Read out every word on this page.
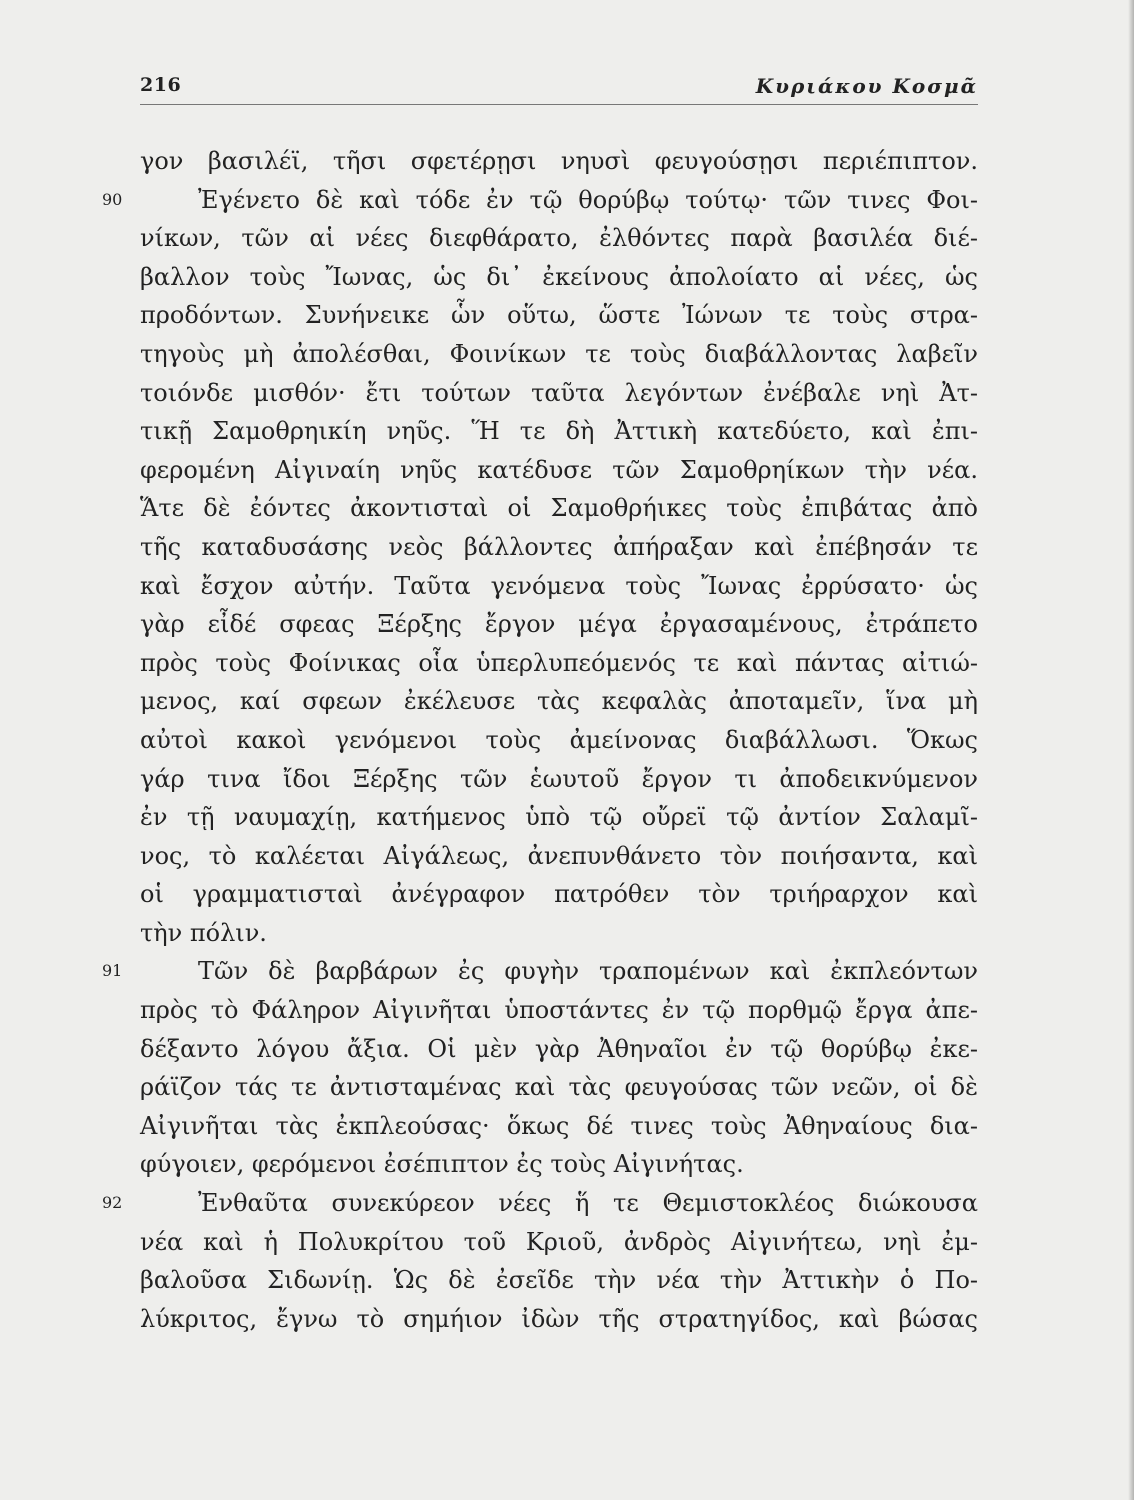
216	Κυριάκου Κοσμᾶ
γον βασιλέϊ, τῆσι σφετέρῃσι νηυσὶ φευγούσῃσι περιέπιπτον.
90	Ἐγένετο δὲ καὶ τόδε ἐν τῷ θορύβῳ τούτῳ· τῶν τινες Φοι-
νίκων, τῶν αἱ νέες διεφθάρατο, ἐλθόντες παρὰ βασιλέα διέ-
βαλλον τοὺς Ἴωνας, ὡς δι᾽ ἐκείνους ἀπολοίατο αἱ νέες, ὡς
προδόντων. Συνήνεικε ὧν οὕτω, ὥστε Ἰώνων τε τοὺς στρα-
τηγοὺς μὴ ἀπολέσθαι, Φοινίκων τε τοὺς διαβάλλοντας λαβεῖν
τοιόνδε μισθόν· ἔτι τούτων ταῦτα λεγόντων ἐνέβαλε νηὶ Ἀτ-
τικῇ Σαμοθρηικίη νηῦς. Ἥ τε δὴ Ἀττικὴ κατεδύετο, καὶ ἐπι-
φερομένη Αἰγιναίη νηῦς κατέδυσε τῶν Σαμοθρηίκων τὴν νέα.
Ἅτε δὲ ἐόντες ἀκοντισταὶ οἱ Σαμοθρήικες τοὺς ἐπιβάτας ἀπὸ
τῆς καταδυσάσης νεὸς βάλλοντες ἀπήραξαν καὶ ἐπέβησάν τε
καὶ ἔσχον αὐτήν. Ταῦτα γενόμενα τοὺς Ἴωνας ἐρρύσατο· ὡς
γὰρ εἶδέ σφεας Ξέρξης ἔργον μέγα ἐργασαμένους, ἐτράπετο
πρὸς τοὺς Φοίνικας οἷα ὑπερλυπεόμενός τε καὶ πάντας αἰτιώ-
μενος, καί σφεων ἐκέλευσε τὰς κεφαλὰς ἀποταμεῖν, ἵνα μὴ
αὐτοὶ κακοὶ γενόμενοι τοὺς ἀμείνονας διαβάλλωσι. Ὅκως
γάρ τινα ἴδοι Ξέρξης τῶν ἑωυτοῦ ἔργον τι ἀποδεικνύμενον
ἐν τῇ ναυμαχίῃ, κατήμενος ὑπὸ τῷ οὔρεϊ τῷ ἀντίον Σαλαμῖ-
νος, τὸ καλέεται Αἰγάλεως, ἀνεπυνθάνετο τὸν ποιήσαντα, καὶ
οἱ γραμματισταὶ ἀνέγραφον πατρόθεν τὸν τριήραρχον καὶ
τὴν πόλιν.
91	Τῶν δὲ βαρβάρων ἐς φυγὴν τραπομένων καὶ ἐκπλεόντων
πρὸς τὸ Φάληρον Αἰγινῆται ὑποστάντες ἐν τῷ πορθμῷ ἔργα ἀπε-
δέξαντο λόγου ἄξια. Οἱ μὲν γὰρ Ἀθηναῖοι ἐν τῷ θορύβῳ ἐκε-
ράϊζον τάς τε ἀντισταμένας καὶ τὰς φευγούσας τῶν νεῶν, οἱ δὲ
Αἰγινῆται τὰς ἐκπλεούσας· ὅκως δέ τινες τοὺς Ἀθηναίους δια-
φύγοιεν, φερόμενοι ἐσέπιπτον ἐς τοὺς Αἰγινήτας.
92	Ἐνθαῦτα συνεκύρεον νέες ἥ τε Θεμιστοκλέος διώκουσα
νέα καὶ ἡ Πολυκρίτου τοῦ Κριοῦ, ἀνδρὸς Αἰγινήτεω, νηὶ ἐμ-
βαλοῦσα Σιδωνίῃ. Ὡς δὲ ἐσεῖδε τὴν νέα τὴν Ἀττικὴν ὁ Πο-
λύκριτος, ἔγνω τὸ σημήιον ἰδὼν τῆς στρατηγίδος, καὶ βώσας
